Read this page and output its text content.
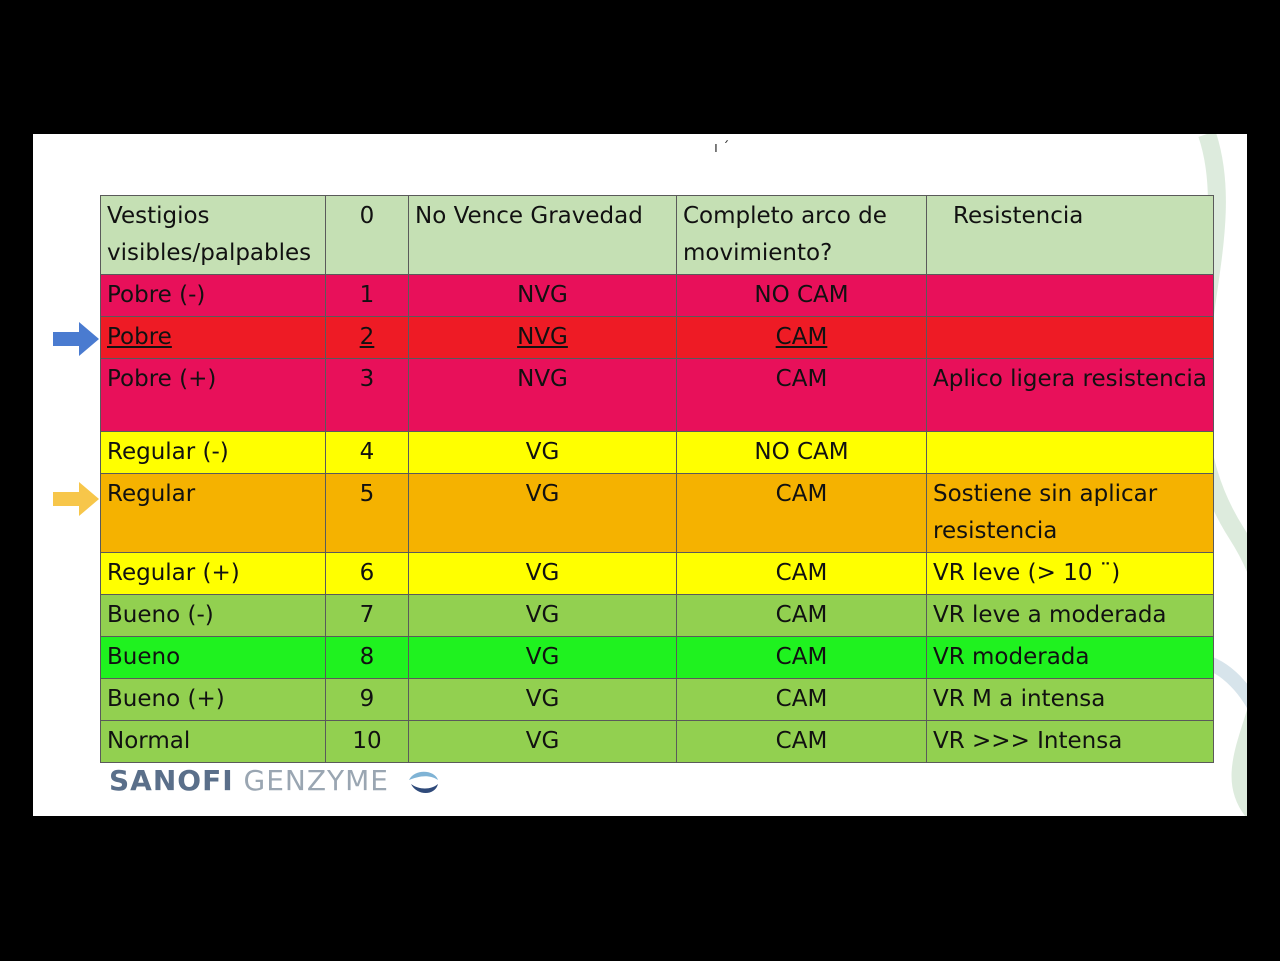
ı ˊ
Vestigios visibles/palpables	0	No Vence Gravedad	Completo arco de movimiento?	Resistencia
Pobre (-)	1	NVG	NO CAM	
Pobre	2	NVG	CAM	
Pobre (+)	3	NVG	CAM	Aplico ligera resistencia
Regular (-)	4	VG	NO CAM	
Regular	5	VG	CAM	Sostiene sin aplicar resistencia
Regular (+)	6	VG	CAM	VR leve (> 10 ¨)
Bueno (-)	7	VG	CAM	VR leve a moderada
Bueno	8	VG	CAM	VR moderada
Bueno (+)	9	VG	CAM	VR M a intensa
Normal	10	VG	CAM	VR >>> Intensa
SANOFI GENZYME
